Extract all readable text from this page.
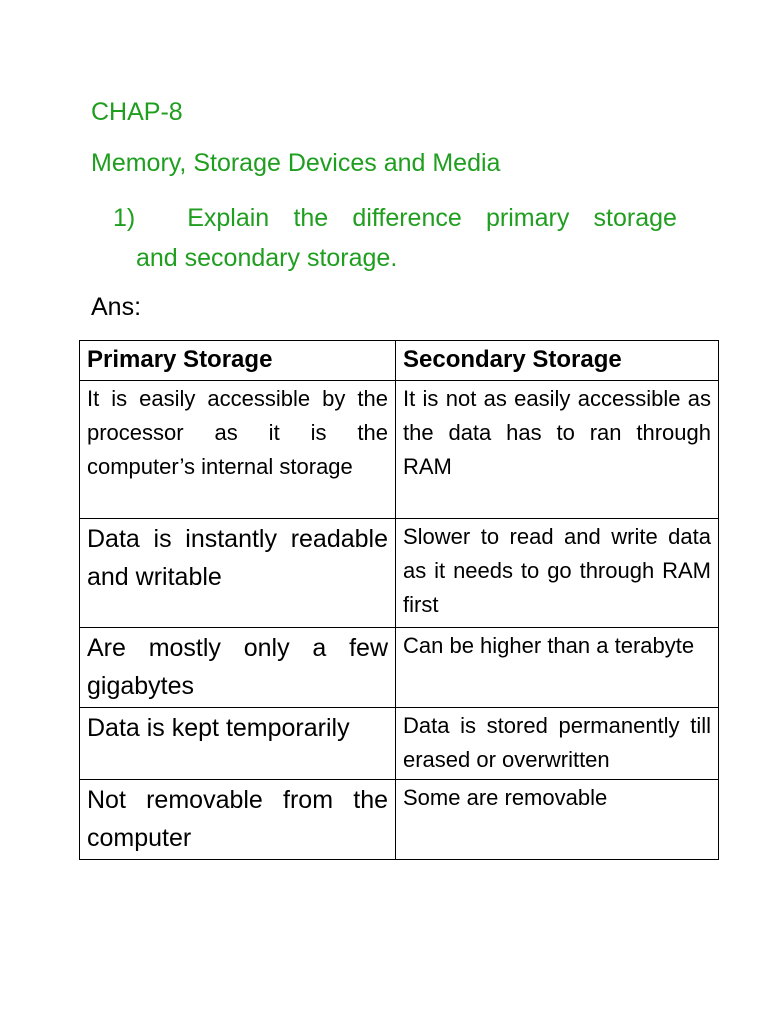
CHAP-8
Memory, Storage Devices and Media
1)	Explain the difference primary storage
and secondary storage.
Ans:
Primary Storage	Secondary Storage
It is easily accessible by the processor as it is the computer’s internal storage	It is not as easily accessible as the data has to ran through RAM
Data is instantly readable and writable	Slower to read and write data as it needs to go through RAM first
Are mostly only a few gigabytes	Can be higher than a terabyte
Data is kept temporarily	Data is stored permanently till erased or overwritten
Not removable from the computer	Some are removable
